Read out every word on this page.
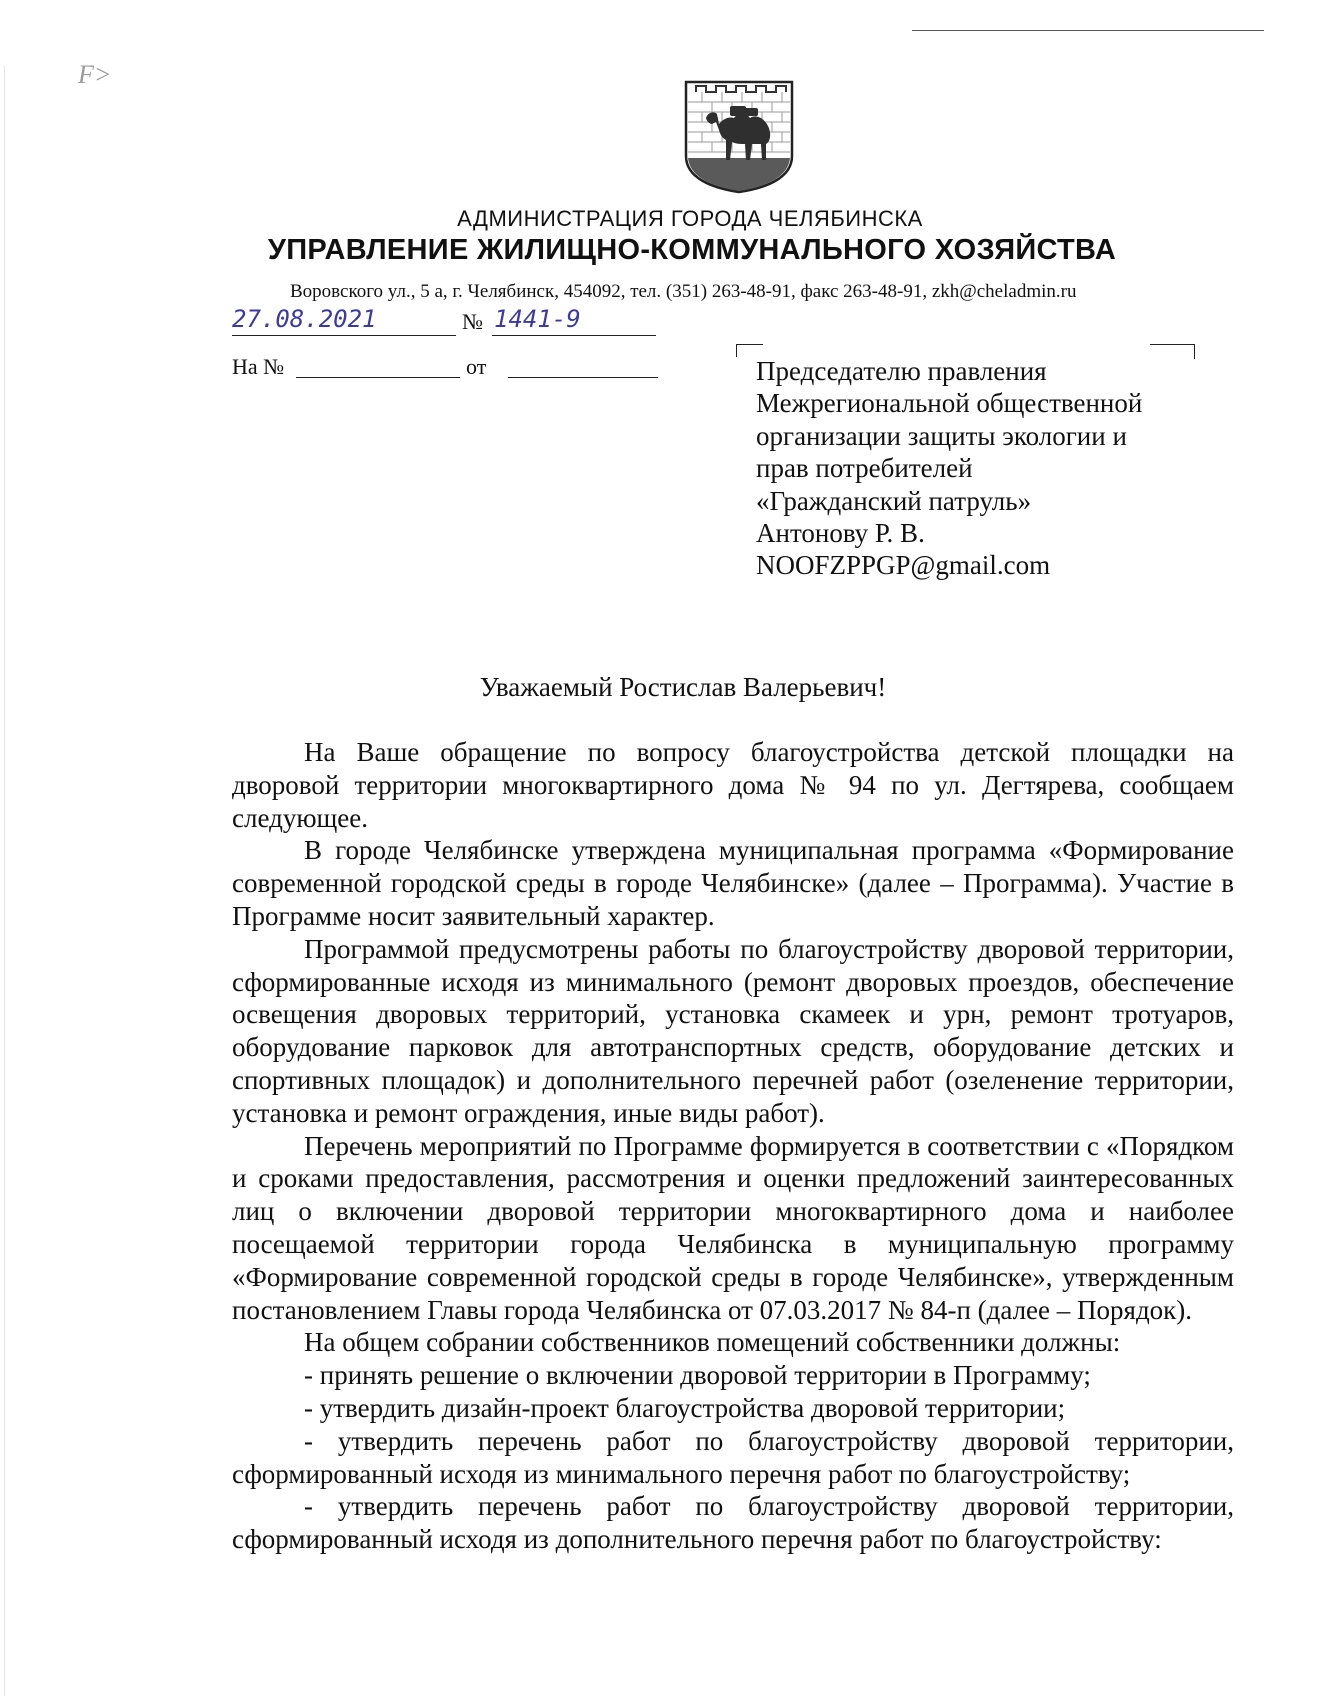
F>
АДМИНИСТРАЦИЯ ГОРОДА ЧЕЛЯБИНСКА
УПРАВЛЕНИЕ ЖИЛИЩНО-КОММУНАЛЬНОГО ХОЗЯЙСТВА
Воровского ул., 5 а, г. Челябинск, 454092, тел. (351) 263-48-91, факс 263-48-91, zkh@cheladmin.ru
27.08.2021	№ 1441-9
На №	от	Председателю правления
Межрегиональной общественной
организации защиты экологии и
прав потребителей
«Гражданский патруль»
Антонову Р. В.
NOOFZPPGP@gmail.com
Уважаемый Ростислав Валерьевич!

На Ваше обращение по вопросу благоустройства детской площадки на дворовой территории многоквартирного дома № 94 по ул. Дегтярева, сообщаем следующее.

В городе Челябинске утверждена муниципальная программа «Формирование современной городской среды в городе Челябинске» (далее – Программа). Участие в Программе носит заявительный характер.

Программой предусмотрены работы по благоустройству дворовой территории, сформированные исходя из минимального (ремонт дворовых проездов, обеспечение освещения дворовых территорий, установка скамеек и урн, ремонт тротуаров, оборудование парковок для автотранспортных средств, оборудование детских и спортивных площадок) и дополнительного перечней работ (озеленение территории, установка и ремонт ограждения, иные виды работ).

Перечень мероприятий по Программе формируется в соответствии с «Порядком и сроками предоставления, рассмотрения и оценки предложений заинтересованных лиц о включении дворовой территории многоквартирного дома и наиболее посещаемой территории города Челябинска в муниципальную программу «Формирование современной городской среды в городе Челябинске», утвержденным постановлением Главы города Челябинска от 07.03.2017 № 84-п (далее – Порядок).

На общем собрании собственников помещений собственники должны:

- принять решение о включении дворовой территории в Программу;

- утвердить дизайн-проект благоустройства дворовой территории;

- утвердить перечень работ по благоустройству дворовой территории, сформированный исходя из минимального перечня работ по благоустройству;

- утвердить перечень работ по благоустройству дворовой территории, сформированный исходя из дополнительного перечня работ по благоустройству:
